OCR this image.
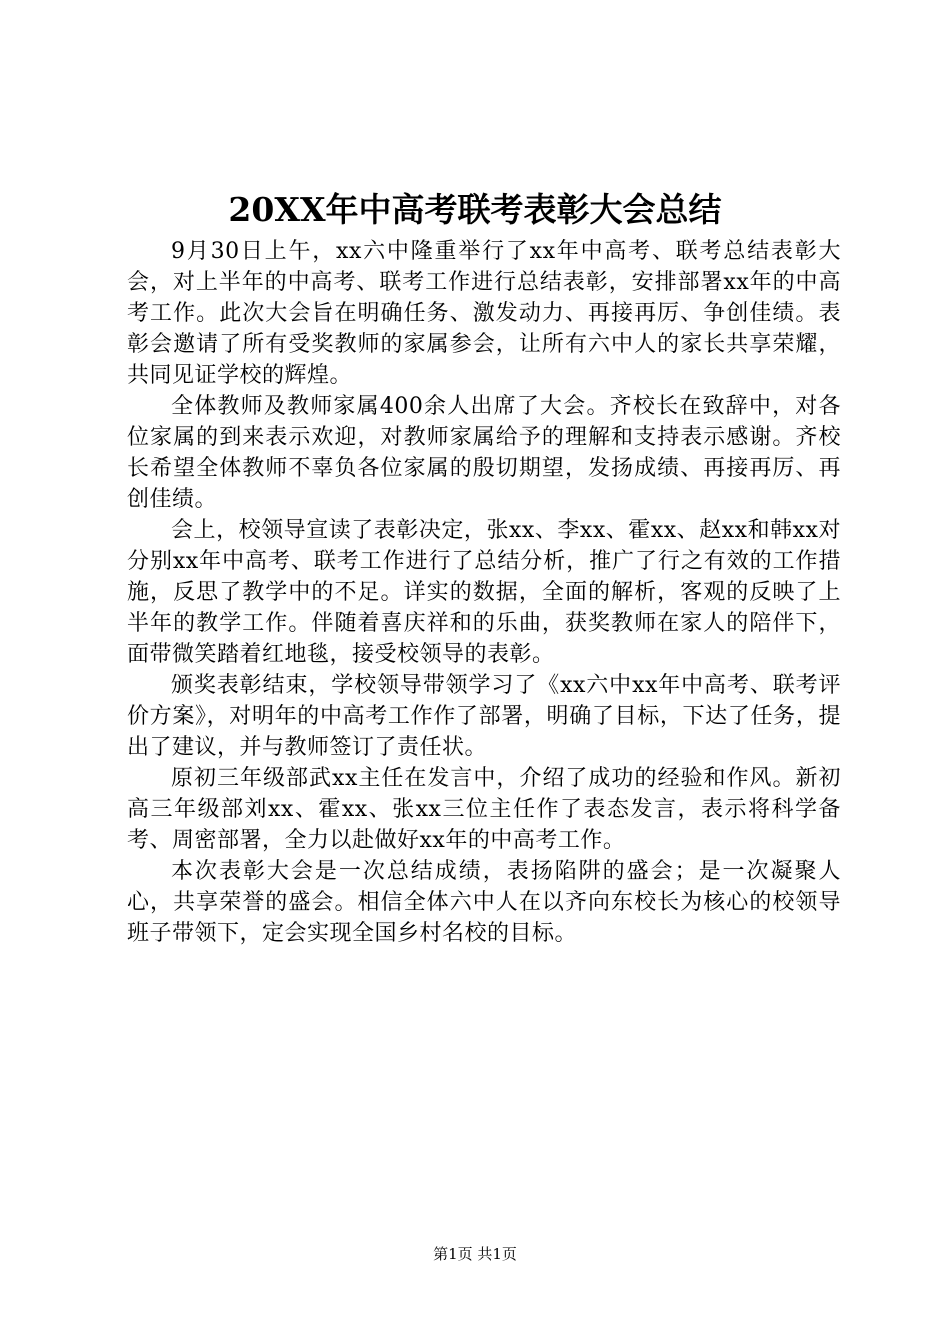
20XX年中高考联考表彰大会总结

9月30日上午，xx六中隆重举行了xx年中高考、联考总结表彰大会，对上半年的中高考、联考工作进行总结表彰，安排部署xx年的中高考工作。此次大会旨在明确任务、激发动力、再接再厉、争创佳绩。表彰会邀请了所有受奖教师的家属参会，让所有六中人的家长共享荣耀，共同见证学校的辉煌。

全体教师及教师家属400余人出席了大会。齐校长在致辞中，对各位家属的到来表示欢迎，对教师家属给予的理解和支持表示感谢。齐校长希望全体教师不辜负各位家属的殷切期望，发扬成绩、再接再厉、再创佳绩。

会上，校领导宣读了表彰决定，张xx、李xx、霍xx、赵xx和韩xx对分别xx年中高考、联考工作进行了总结分析，推广了行之有效的工作措施，反思了教学中的不足。详实的数据，全面的解析，客观的反映了上半年的教学工作。伴随着喜庆祥和的乐曲，获奖教师在家人的陪伴下，面带微笑踏着红地毯，接受校领导的表彰。

颁奖表彰结束，学校领导带领学习了《xx六中xx年中高考、联考评价方案》，对明年的中高考工作作了部署，明确了目标，下达了任务，提出了建议，并与教师签订了责任状。

原初三年级部武xx主任在发言中，介绍了成功的经验和作风。新初高三年级部刘xx、霍xx、张xx三位主任作了表态发言，表示将科学备考、周密部署，全力以赴做好xx年的中高考工作。

本次表彰大会是一次总结成绩，表扬陷阱的盛会；是一次凝聚人心，共享荣誉的盛会。相信全体六中人在以齐向东校长为核心的校领导班子带领下，定会实现全国乡村名校的目标。

第1页 共1页
